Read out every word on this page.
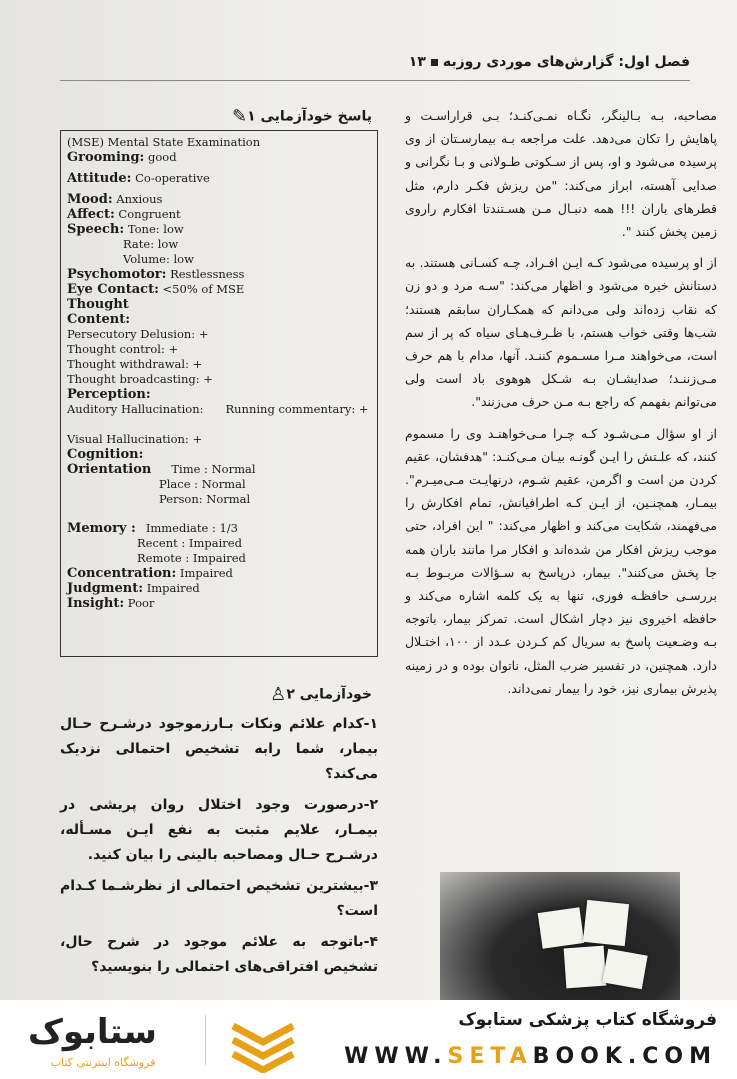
فصل اول: گزارش‌های موردی روزبه۱۳
پاسخ خودآزمایی ۱✎
(MSE) Mental State Examination
Grooming: good
Attitude: Co-operative
Mood: Anxious
Affect: Congruent
Speech: Tone: low
Rate: low
Volume: low
Psychomotor: Restlessness
Eye Contact: <50% of MSE
Thought
Content:
Persecutory Delusion: +
Thought control: +
Thought withdrawal: +
Thought broadcasting: +
Perception:
Auditory Hallucination: Running commentary: +
Visual Hallucination: +
Cognition:
Orientation Time : Normal
Place : Normal
Person: Normal
Memory : Immediate : 1/3
Recent : Impaired
Remote : Impaired
Concentration: Impaired
Judgment: Impaired
Insight: Poor
خودآزمایی ۲♙

۱-کدام علائم ونکات بـارزموجود درشـرح حـال بیمار، شما رابه تشخیص احتمالی نزدیک می‌کند؟

۲-درصورت وجود اختلال روان پریشی در بیمـار، علایم مثبت به نفع ایـن مسـأله، درشـرح حـال ومصاحبه بالینی را بیان کنید.

۳-بیشترین تشخیص احتمالی از نظرشـما کـدام است؟

۴-باتوجه به علائم موجود در شرح حال، تشخیص افتراقی‌های احتمالی را بنویسید؟

مصاحبه، بـه بـالینگر، نگـاه نمـی‌کنـد؛ بـی قراراسـت و پاهایش را تکان می‌دهد. علت مراجعه بـه بیمارسـتان از وی پرسیده می‌شود و او، پس از سـکوتی طـولانی و بـا نگرانی و صدایی آهسته، ابراز می‌کند: "من ریزش فکـر دارم، مثل قطرهای باران !!! همه دنبـال مـن هسـتندتا افکارم راروی زمین پخش کنند ".

از او پرسیده می‌شود کـه ایـن افـراد، چـه کسـانی هستند. به دستانش خیره می‌شود و اظهار می‌کند: "سـه مرد و دو زن که نقاب زده‌اند ولی می‌دانم که همکـاران سابقم هستند؛ شب‌ها وقتی خواب هستم، با ظـرف‌هـای سیاه که پر از سم است، می‌خواهند مـرا مسـموم کننـد. آنها، مدام با هم حرف مـی‌زننـد؛ صدایشـان بـه شـکل هوهوی باد است ولی می‌توانم بفهمم که راجع بـه مـن حرف می‌زنند".

از او سؤال مـی‌شـود کـه چـرا مـی‌خواهنـد وی را مسموم کنند، که علـتش را ایـن گونـه بیـان مـی‌کنـد: "هدفشان، عقیم کردن من است و اگرمن، عقیم شـوم، درنهایـت مـی‌میـرم". بیمـار، همچنـین، از ایـن کـه اطرافیانش، تمام افکارش را می‌فهمند، شکایت می‌کند و اظهار می‌کند: " این افراد، حتی موجب ریزش افکار من شده‌اند و افکار مرا مانند باران همه جا پخش می‌کنند". بیمار، درپاسخ به سـؤالات مربـوط بـه بررسـی حافظـه فوری، تنها به یک کلمه اشاره می‌کند و حافظه اخیروی نیز دچار اشکال است. تمرکز بیمار، باتوجه بـه وضـعیت پاسخ به سریال کم کـردن عـدد از ۱۰۰، اختـلال دارد. همچنین، در تفسیر ضرب المثل، ناتوان بوده و در زمینه پذیرش بیماری نیز، خود را بیمار نمی‌داند.

ستابوک
فروشگاه اینترنتی کتاب
فروشگاه کتاب پزشکی ستابوک
WWW.SETABOOK.COM
